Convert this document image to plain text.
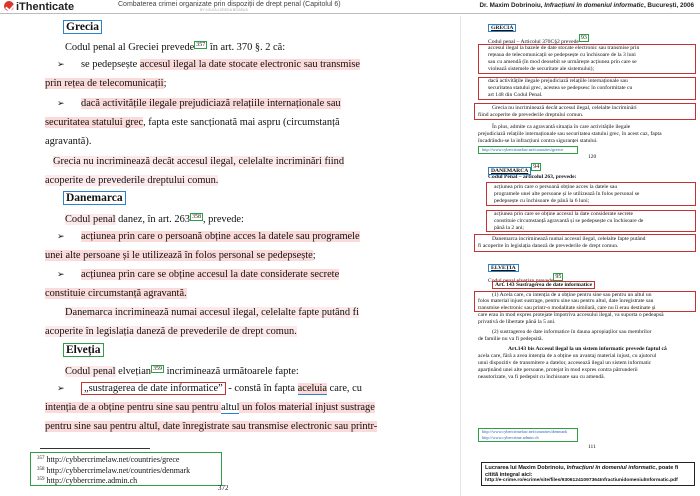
iThenticate	Combaterea crimei organizate prin dispoziții de drept penal (Capitolul 6)
BY LOLEA LOREDA BOGEUS
Dr. Maxim Dobrinoiu, Infracțiuni în domeniul informatic, București, 2006
Grecia
Codul penal al Greciei prevede $^{357}$ în art. 370 §. 2 că:
➢ se pedepsește accesul ilegal la date stocate electronic sau transmise
prin rețea de telecomunicații;
➢ dacă activitățile ilegale prejudiciază relațiile internaționale sau
securitatea statului grec, fapta este sancționată mai aspru (circumstanță
agravantă).
Grecia nu incriminează decât accesul ilegal, celelalte incriminări fiind
acoperite de prevederile dreptului comun.
Danemarca
Codul penal danez, în art. 263 $^{358}$ , prevede:
➢ acțiunea prin care o persoană obține acces la datele sau programele
unei alte persoane și le utilizează în folos personal se pedepsește;
➢ acțiunea prin care se obține accesul la date considerate secrete
constituie circumstanță agravantă.
Danemarca incriminează numai accesul ilegal, celelalte fapte putând fi
acoperite în legislația daneză de prevederile de drept comun.
Elveția
Codul penal elvețian $^{359}$ incriminează următoarele fapte:
➢ „sustragerea de date informatice” - constă în fapta aceluia care, cu
intenția de a obține pentru sine sau pentru altul un folos material injust sustrage
pentru sine sau pentru altul, date înregistrate sau transmise electronic sau printr-
$^{357}$ http://cybbercrimelaw.net/countries/grece
$^{358}$ http://cybbercrimelaw.net/countries/denmark
$^{359}$ http://cybbercrime.admin.ch
372
GRECIA
Codul penal – Articolul 370C§2 prevede93
accesul ilegal la bazele de date stocate electronic sau transmise prin
rețeaua de telecomunicații se pedepsește cu închisoare de la 3 luni
sau cu amendă (în mod deosebit se urmărește acțiunea prin care se
violează sistemele de securitate ale sistemului);
dacă activitățile ilegale prejudiciază relațiile internaționale sau
securitatea statului grec, acestea se pedepsesc în conformitate cu
art 148 din Codul Penal.
Grecia nu incriminează decât accesul ilegal, celelalte incriminări
fiind acoperite de prevederile dreptului comun.
În plus, admite ca agravantă situația în care activitățile ilegale
prejudiciază relațiile internaționale sau securitatea statului grec, în acest caz, fapta
încadrându-se la infracțiuni contra siguranței statului.
http://www.cybercrimelaw.net/countries/greece
120
DANEMARCA94
Codul Penal – articolul 263, prevede:
acțiunea prin care o persoană obține acces la datele sau
programele unei alte persoane și le utilizează în folos personal se
pedepsește cu închisoare de până la 6 luni;
acțiunea prin care se obține accesul la date considerate secrete
constituie circumstanță agravantă și se pedepsește cu închisoare de
până la 2 ani;
Danemarca incriminează numai accesul ilegal, celelalte fapte putând
fi acoperite în legislația daneză de prevederile de drept comun.
ELVEȚIA
Codul penal elvețian prevede95
Art. 143 Sustragerea de date informatice
(1) Acela care, cu intenția de a obține pentru sine sau pentru un altul un
folos material injust sustrage, pentru sine sau pentru altul, date înregistrate sau
transmise electronic sau printr-o modalitate similară, care nu îi erau destinate și
care erau în mod expres protejate împotriva accesului ilegal, va suporta o pedeapsă
privativă de libertate până la 5 ani.
(2) sustragerea de date informatice în dauna apropiaților sau membrilor
de familie nu va fi pedepsită.
Art.143 bis Accesul ilegal la un sistem informatic prevede faptul că
acela care, fără a avea intenția de a obține un avantaj material injust, cu ajutorul
unui dispozitiv de transmitere a datelor, accesează ilegal un sistem informatic
aparținând unei alte persoane, protejat în mod expres contra pătrunderii
neautorizate, va fi pedepsit cu închisoare sau cu amendă.
http://www.cybercrimelaw.net/countries/denmark
http://www.cybercrime.admin.ch
111
Lucrarea lui Maxim Dobrinoiu, Infracțiuni în domeniul informatic, poate fi citită integral aici:
http://e-crime.ro/ecrime/site/files/93061241097364InfractiunidomeniulInformatic.pdf
